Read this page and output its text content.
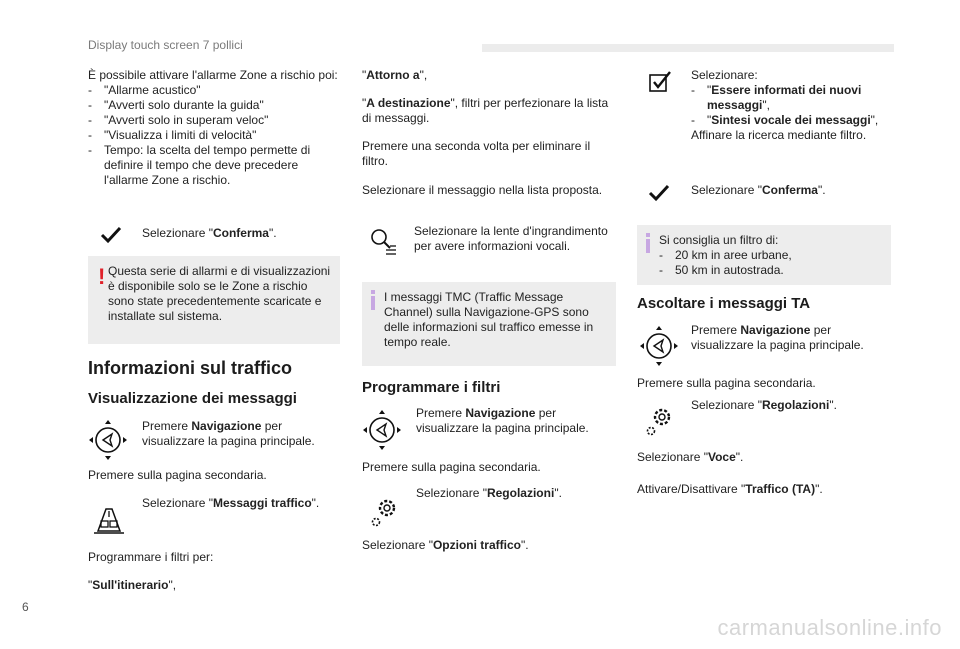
Display touch screen 7 pollici

È possibile attivare l'allarme Zone a rischio poi:

- "Allarme acustico"
- "Avverti solo durante la guida"
- "Avverti solo in superam veloc"
- "Visualizza i limiti di velocità"
- Tempo: la scelta del tempo permette di definire il tempo che deve precedere l'allarme Zone a rischio.
Selezionare "Conferma".
! Questa serie di allarmi e di visualizzazioni è disponibile solo se le Zone a rischio sono state precedentemente scaricate e installate sul sistema.
Informazioni sul traffico
Visualizzazione dei messaggi
Premere Navigazione per visualizzare la pagina principale.

Premere sulla pagina secondaria.

Selezionare "Messaggi traffico".

Programmare i filtri per:

"Sull'itinerario",
"Attorno a",
"A destinazione", filtri per perfezionare la lista di messaggi.

Premere una seconda volta per eliminare il filtro.

Selezionare il messaggio nella lista proposta.

Selezionare la lente d'ingrandimento per avere informazioni vocali.
I messaggi TMC (Traffic Message Channel) sulla Navigazione-GPS sono delle informazioni sul traffico emesse in tempo reale.
Programmare i filtri
Premere Navigazione per visualizzare la pagina principale.

Premere sulla pagina secondaria.

Selezionare "Regolazioni".
Selezionare "Opzioni traffico".

Selezionare:

- "Essere informati dei nuovi messaggi",
- "Sintesi vocale dei messaggi",

Affinare la ricerca mediante filtro.

Selezionare "Conferma".

Si consiglia un filtro di:

- 20 km in aree urbane,
- 50 km in autostrada.
Ascoltare i messaggi TA
Premere Navigazione per visualizzare la pagina principale.

Premere sulla pagina secondaria.

Selezionare "Regolazioni".
Selezionare "Voce".
Attivare/Disattivare "Traffico (TA)".
6
carmanualsonline.info
